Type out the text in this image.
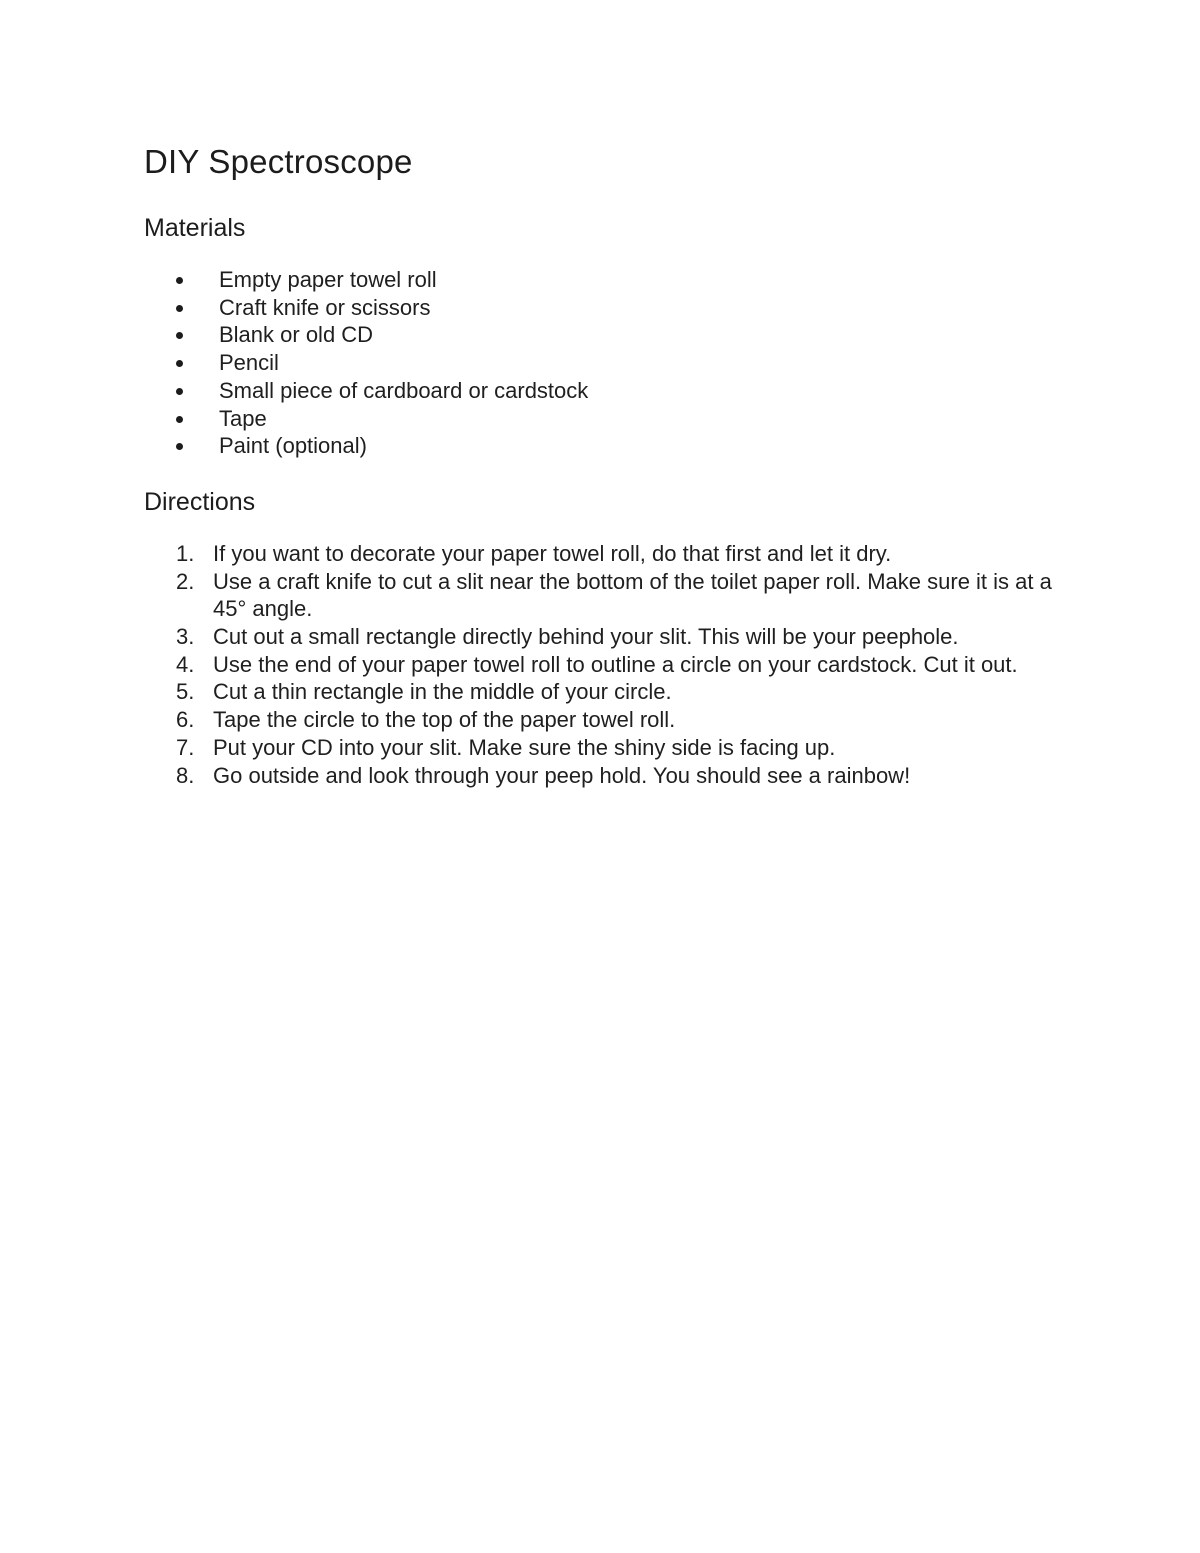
DIY Spectroscope
Materials
Empty paper towel roll
Craft knife or scissors
Blank or old CD
Pencil
Small piece of cardboard or cardstock
Tape
Paint (optional)
Directions
1. If you want to decorate your paper towel roll, do that first and let it dry.
2. Use a craft knife to cut a slit near the bottom of the toilet paper roll. Make sure it is at a 45° angle.
3. Cut out a small rectangle directly behind your slit. This will be your peephole.
4. Use the end of your paper towel roll to outline a circle on your cardstock. Cut it out.
5. Cut a thin rectangle in the middle of your circle.
6. Tape the circle to the top of the paper towel roll.
7. Put your CD into your slit. Make sure the shiny side is facing up.
8. Go outside and look through your peep hold. You should see a rainbow!
